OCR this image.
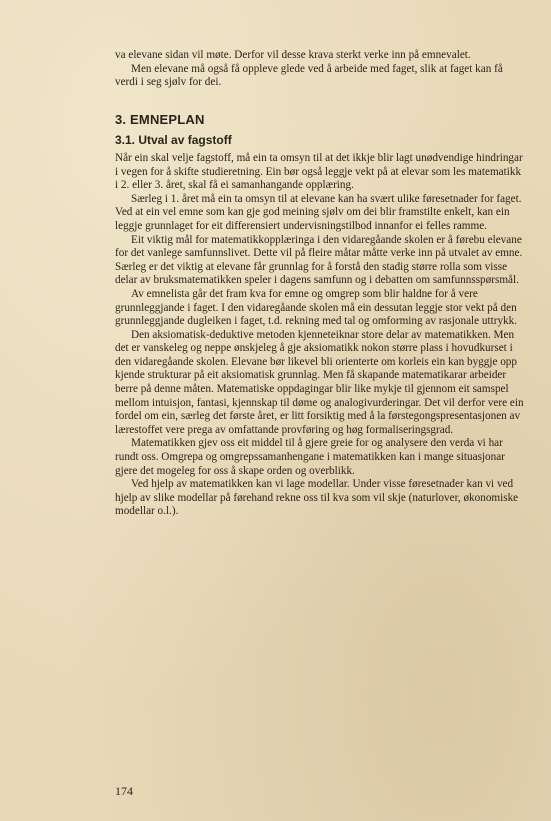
va elevane sidan vil møte. Derfor vil desse krava sterkt verke inn på emnevalet.

Men elevane må også få oppleve glede ved å arbeide med faget, slik at faget kan få verdi i seg sjølv for dei.

3. EMNEPLAN
3.1. Utval av fagstoff

Når ein skal velje fagstoff, må ein ta omsyn til at det ikkje blir lagt unødvendige hindringar i vegen for å skifte studieretning. Ein bør også leggje vekt på at elevar som les matematikk i 2. eller 3. året, skal få ei samanhangande opplæring.

Særleg i 1. året må ein ta omsyn til at elevane kan ha svært ulike føresetnader for faget. Ved at ein vel emne som kan gje god meining sjølv om dei blir framstilte enkelt, kan ein leggje grunnlaget for eit differensiert undervisningstilbod innanfor ei felles ramme.

Eit viktig mål for matematikkopplæringa i den vidaregåande skolen er å førebu elevane for det vanlege samfunnslivet. Dette vil på fleire måtar måtte verke inn på utvalet av emne. Særleg er det viktig at elevane får grunnlag for å forstå den stadig større rolla som visse delar av bruksmatematikken speler i dagens samfunn og i debatten om samfunnsspørsmål.

Av emnelista går det fram kva for emne og omgrep som blir haldne for å vere grunnleggjande i faget. I den vidaregåande skolen må ein dessutan leggje stor vekt på den grunnleggjande dugleiken i faget, t.d. rekning med tal og omforming av rasjonale uttrykk.

Den aksiomatisk-deduktive metoden kjenneteiknar store delar av matematikken. Men det er vanskeleg og neppe ønskjeleg å gje aksiomatikk nokon større plass i hovudkurset i den vidaregåande skolen. Elevane bør likevel bli orienterte om korleis ein kan byggje opp kjende strukturar på eit aksiomatisk grunnlag. Men få skapande matematikarar arbeider berre på denne måten. Matematiske oppdagingar blir like mykje til gjennom eit samspel mellom intuisjon, fantasi, kjennskap til døme og analogivurderingar. Det vil derfor vere ein fordel om ein, særleg det første året, er litt forsiktig med å la førstegongspresentasjonen av lærestoffet vere prega av omfattande provføring og høg formaliseringsgrad.

Matematikken gjev oss eit middel til å gjere greie for og analysere den verda vi har rundt oss. Omgrepa og omgrepssamanhengane i matematikken kan i mange situasjonar gjere det mogeleg for oss å skape orden og overblikk.

Ved hjelp av matematikken kan vi lage modellar. Under visse føresetnader kan vi ved hjelp av slike modellar på førehand rekne oss til kva som vil skje (naturlover, økonomiske modellar o.l.).

174
